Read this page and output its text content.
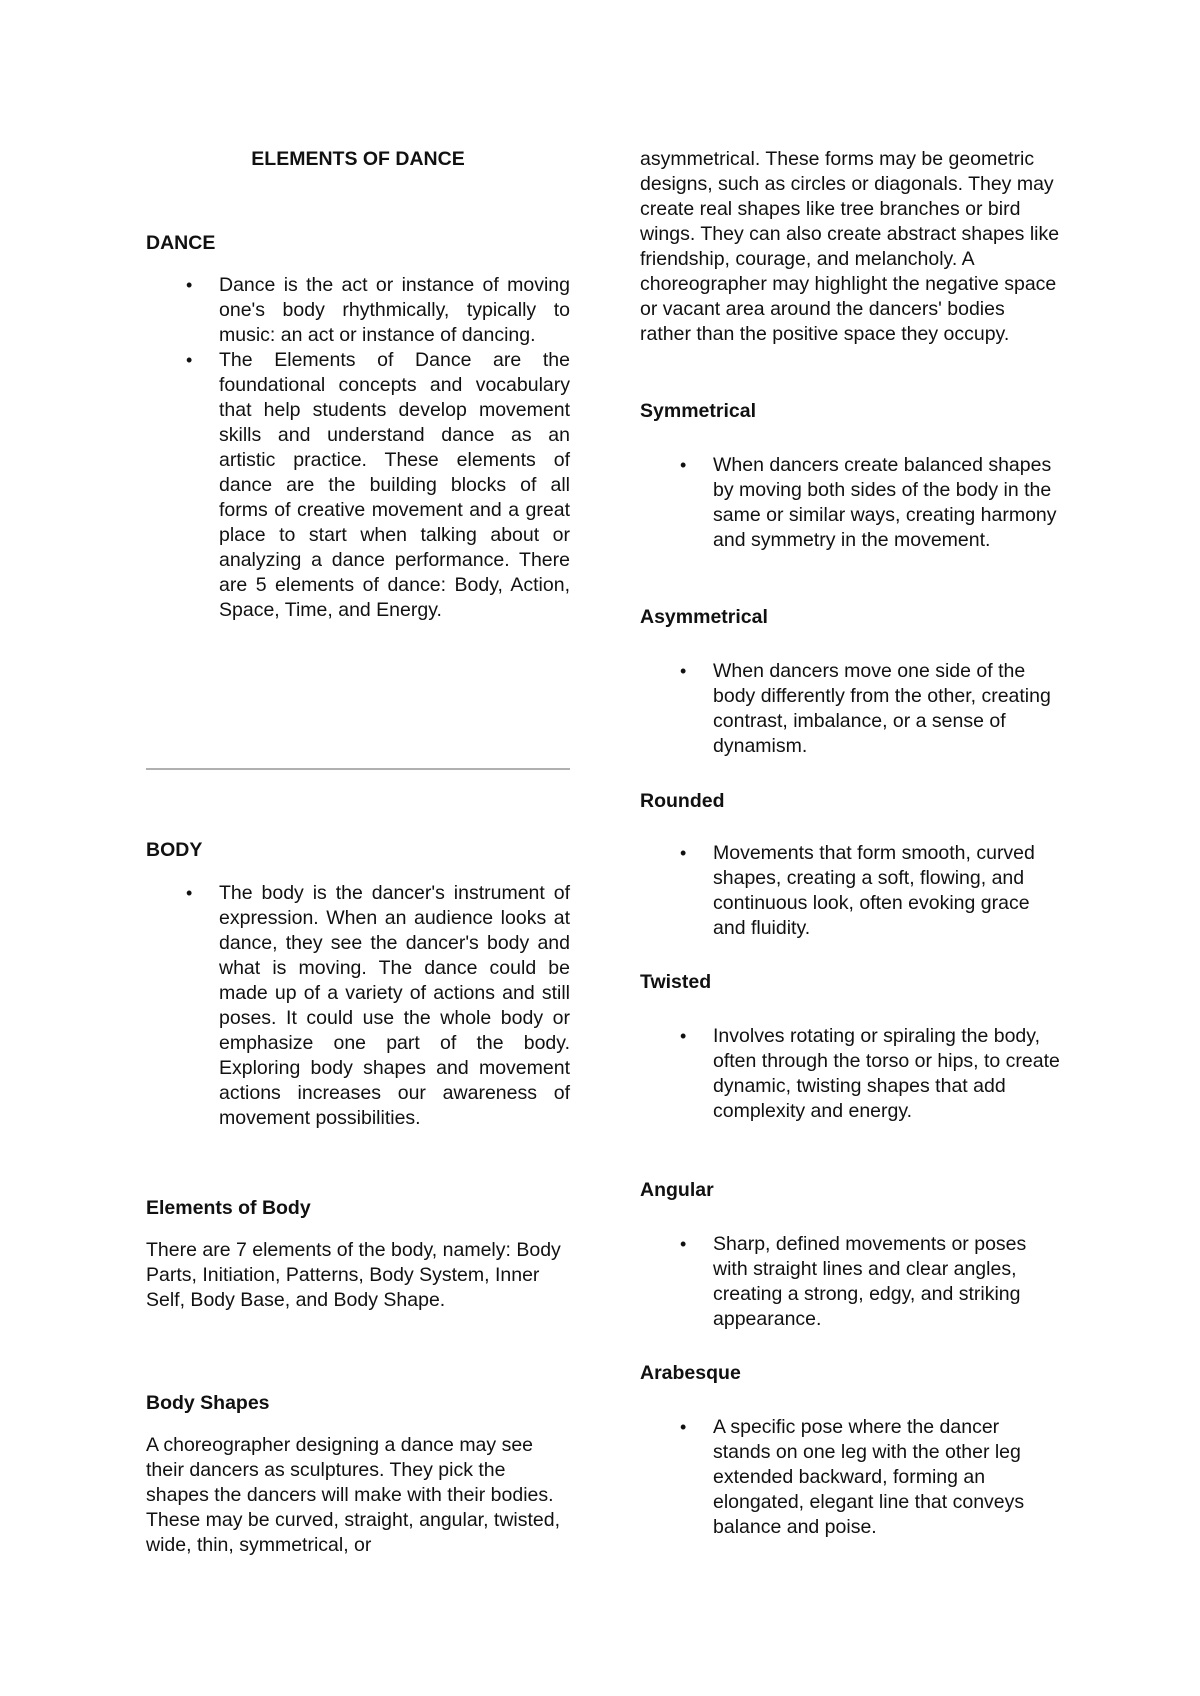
ELEMENTS OF DANCE
DANCE
• Dance is the act or instance of moving one's body rhythmically, typically to music: an act or instance of dancing.
• The Elements of Dance are the foundational concepts and vocabulary that help students develop movement skills and understand dance as an artistic practice. These elements of dance are the building blocks of all forms of creative movement and a great place to start when talking about or analyzing a dance performance. There are 5 elements of dance: Body, Action, Space, Time, and Energy.
BODY
• The body is the dancer's instrument of expression. When an audience looks at dance, they see the dancer's body and what is moving. The dance could be made up of a variety of actions and still poses. It could use the whole body or emphasize one part of the body. Exploring body shapes and movement actions increases our awareness of movement possibilities.
Elements of Body

There are 7 elements of the body, namely: Body Parts, Initiation, Patterns, Body System, Inner Self, Body Base, and Body Shape.

Body Shapes

A choreographer designing a dance may see their dancers as sculptures. They pick the shapes the dancers will make with their bodies. These may be curved, straight, angular, twisted, wide, thin, symmetrical, or

asymmetrical. These forms may be geometric designs, such as circles or diagonals. They may create real shapes like tree branches or bird wings. They can also create abstract shapes like friendship, courage, and melancholy. A choreographer may highlight the negative space or vacant area around the dancers' bodies rather than the positive space they occupy.

Symmetrical
• When dancers create balanced shapes by moving both sides of the body in the same or similar ways, creating harmony and symmetry in the movement.
Asymmetrical
• When dancers move one side of the body differently from the other, creating contrast, imbalance, or a sense of dynamism.
Rounded
• Movements that form smooth, curved shapes, creating a soft, flowing, and continuous look, often evoking grace and fluidity.
Twisted
• Involves rotating or spiraling the body, often through the torso or hips, to create dynamic, twisting shapes that add complexity and energy.
Angular
• Sharp, defined movements or poses with straight lines and clear angles, creating a strong, edgy, and striking appearance.
Arabesque
• A specific pose where the dancer stands on one leg with the other leg extended backward, forming an elongated, elegant line that conveys balance and poise.
